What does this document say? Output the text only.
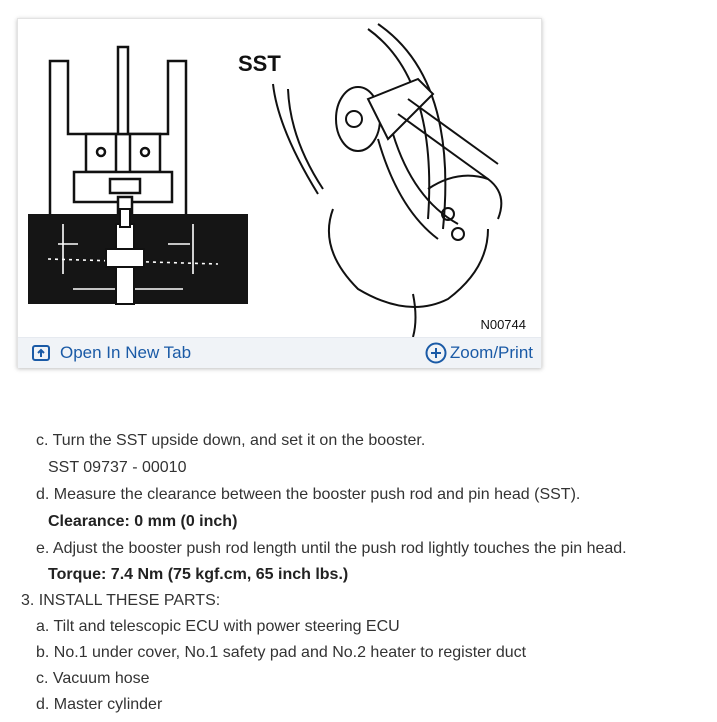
SST
N00744
Open In New Tab	Zoom/Print
c. Turn the SST upside down, and set it on the booster.
SST 09737 - 00010
d. Measure the clearance between the booster push rod and pin head (SST).
Clearance: 0 mm (0 inch)
e. Adjust the booster push rod length until the push rod lightly touches the pin head.
Torque: 7.4 Nm (75 kgf.cm, 65 inch lbs.)
3. INSTALL THESE PARTS:
a. Tilt and telescopic ECU with power steering ECU
b. No.1 under cover, No.1 safety pad and No.2 heater to register duct
c. Vacuum hose
d. Master cylinder
